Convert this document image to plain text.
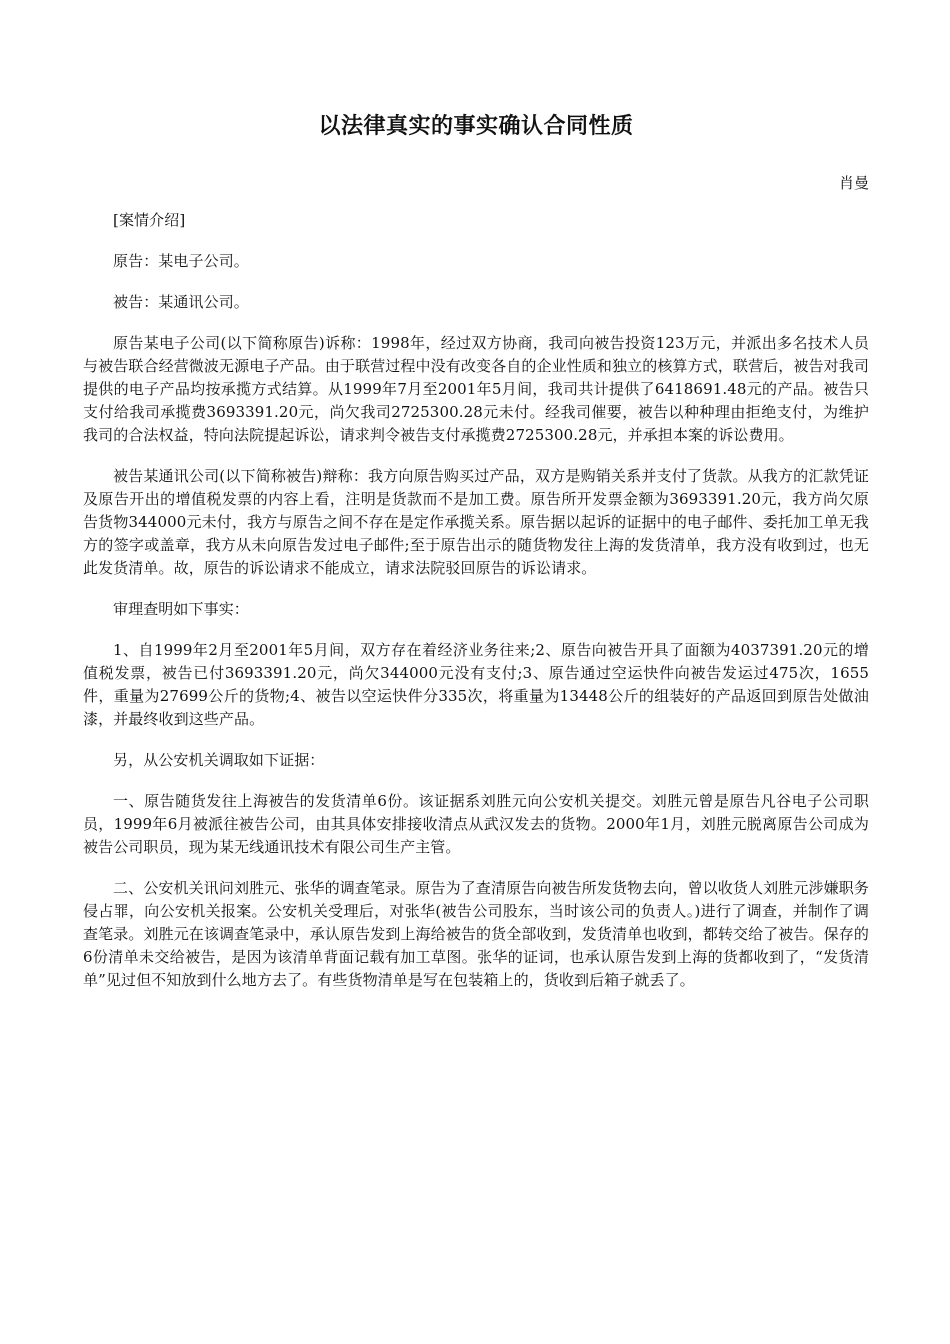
以法律真实的事实确认合同性质
肖曼

[案情介绍]

原告：某电子公司。

被告：某通讯公司。

原告某电子公司(以下简称原告)诉称：1998年，经过双方协商，我司向被告投资123万元，并派出多名技术人员与被告联合经营微波无源电子产品。由于联营过程中没有改变各自的企业性质和独立的核算方式，联营后，被告对我司提供的电子产品均按承揽方式结算。从1999年7月至2001年5月间，我司共计提供了6418691.48元的产品。被告只支付给我司承揽费3693391.20元，尚欠我司2725300.28元未付。经我司催要，被告以种种理由拒绝支付，为维护我司的合法权益，特向法院提起诉讼，请求判令被告支付承揽费2725300.28元，并承担本案的诉讼费用。

被告某通讯公司(以下简称被告)辩称：我方向原告购买过产品，双方是购销关系并支付了货款。从我方的汇款凭证及原告开出的增值税发票的内容上看，注明是货款而不是加工费。原告所开发票金额为3693391.20元，我方尚欠原告货物344000元未付，我方与原告之间不存在是定作承揽关系。原告据以起诉的证据中的电子邮件、委托加工单无我方的签字或盖章，我方从未向原告发过电子邮件;至于原告出示的随货物发往上海的发货清单，我方没有收到过，也无此发货清单。故，原告的诉讼请求不能成立，请求法院驳回原告的诉讼请求。

审理查明如下事实：

1、自1999年2月至2001年5月间，双方存在着经济业务往来;2、原告向被告开具了面额为4037391.20元的增值税发票，被告已付3693391.20元，尚欠344000元没有支付;3、原告通过空运快件向被告发运过475次，1655件，重量为27699公斤的货物;4、被告以空运快件分335次，将重量为13448公斤的组装好的产品返回到原告处做油漆，并最终收到这些产品。

另，从公安机关调取如下证据：

一、原告随货发往上海被告的发货清单6份。该证据系刘胜元向公安机关提交。刘胜元曾是原告凡谷电子公司职员，1999年6月被派往被告公司，由其具体安排接收清点从武汉发去的货物。2000年1月，刘胜元脱离原告公司成为被告公司职员，现为某无线通讯技术有限公司生产主管。

二、公安机关讯问刘胜元、张华的调查笔录。原告为了查清原告向被告所发货物去向，曾以收货人刘胜元涉嫌职务侵占罪，向公安机关报案。公安机关受理后，对张华(被告公司股东，当时该公司的负责人。)进行了调查，并制作了调查笔录。刘胜元在该调查笔录中，承认原告发到上海给被告的货全部收到，发货清单也收到，都转交给了被告。保存的6份清单未交给被告，是因为该清单背面记载有加工草图。张华的证词，也承认原告发到上海的货都收到了，“发货清单”见过但不知放到什么地方去了。有些货物清单是写在包装箱上的，货收到后箱子就丢了。
